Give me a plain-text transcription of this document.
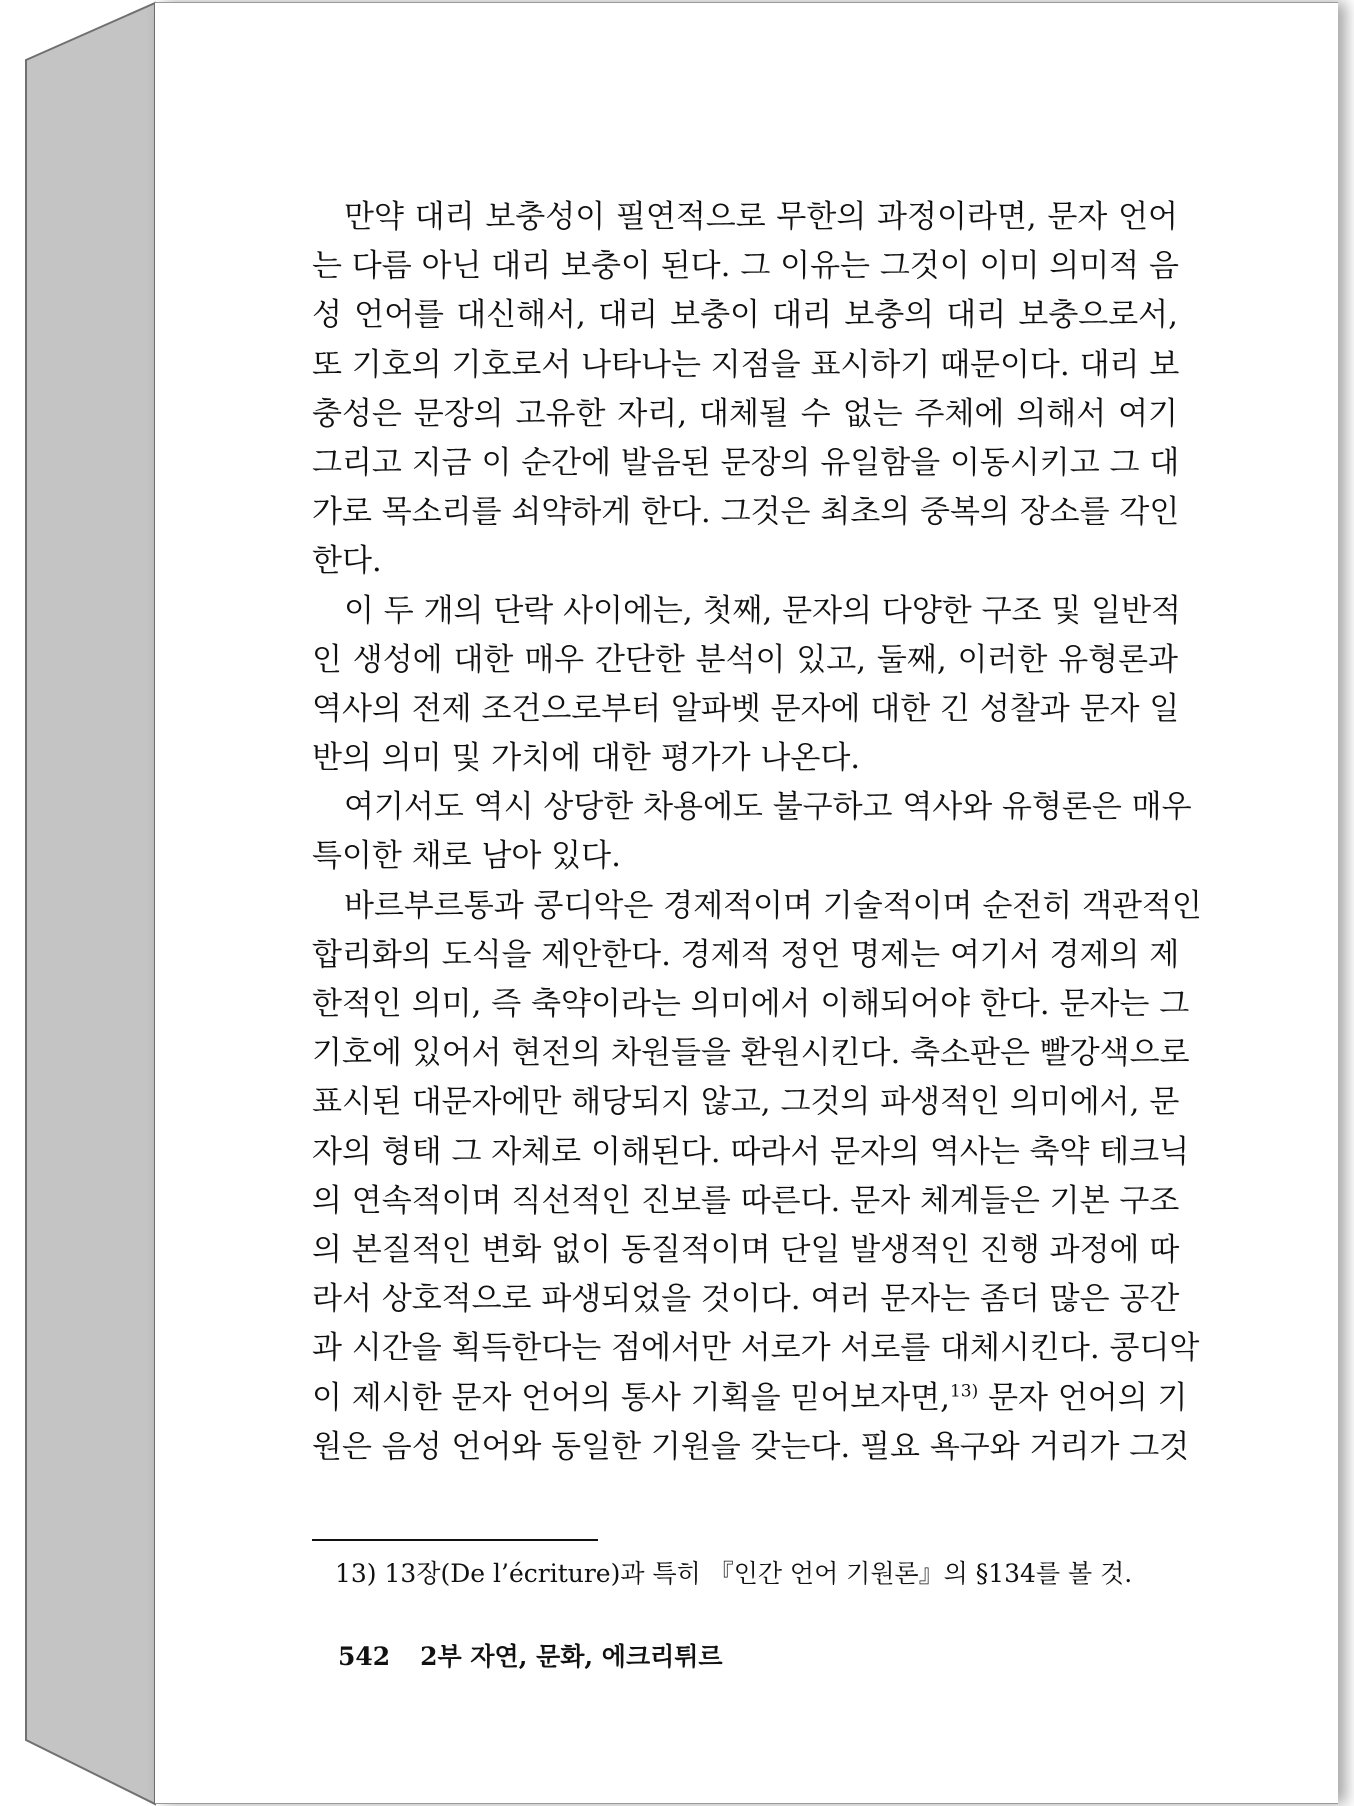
만약 대리 보충성이 필연적으로 무한의 과정이라면, 문자 언어
는 다름 아닌 대리 보충이 된다. 그 이유는 그것이 이미 의미적 음
성 언어를 대신해서, 대리 보충이 대리 보충의 대리 보충으로서,
또 기호의 기호로서 나타나는 지점을 표시하기 때문이다. 대리 보
충성은 문장의 고유한 자리, 대체될 수 없는 주체에 의해서 여기
그리고 지금 이 순간에 발음된 문장의 유일함을 이동시키고 그 대
가로 목소리를 쇠약하게 한다. 그것은 최초의 중복의 장소를 각인
한다.
이 두 개의 단락 사이에는, 첫째, 문자의 다양한 구조 및 일반적
인 생성에 대한 매우 간단한 분석이 있고, 둘째, 이러한 유형론과
역사의 전제 조건으로부터 알파벳 문자에 대한 긴 성찰과 문자 일
반의 의미 및 가치에 대한 평가가 나온다.
여기서도 역시 상당한 차용에도 불구하고 역사와 유형론은 매우
특이한 채로 남아 있다.
바르부르통과 콩디악은 경제적이며 기술적이며 순전히 객관적인
합리화의 도식을 제안한다. 경제적 정언 명제는 여기서 경제의 제
한적인 의미, 즉 축약이라는 의미에서 이해되어야 한다. 문자는 그
기호에 있어서 현전의 차원들을 환원시킨다. 축소판은 빨강색으로
표시된 대문자에만 해당되지 않고, 그것의 파생적인 의미에서, 문
자의 형태 그 자체로 이해된다. 따라서 문자의 역사는 축약 테크닉
의 연속적이며 직선적인 진보를 따른다. 문자 체계들은 기본 구조
의 본질적인 변화 없이 동질적이며 단일 발생적인 진행 과정에 따
라서 상호적으로 파생되었을 것이다. 여러 문자는 좀더 많은 공간
과 시간을 획득한다는 점에서만 서로가 서로를 대체시킨다. 콩디악
이 제시한 문자 언어의 통사 기획을 믿어보자면,$^{13)}$ 문자 언어의 기
원은 음성 언어와 동일한 기원을 갖는다. 필요 욕구와 거리가 그것
13) 13장(De l’écriture)과 특히 『인간 언어 기원론』의 §134를 볼 것.
542 2부 자연, 문화, 에크리튀르
